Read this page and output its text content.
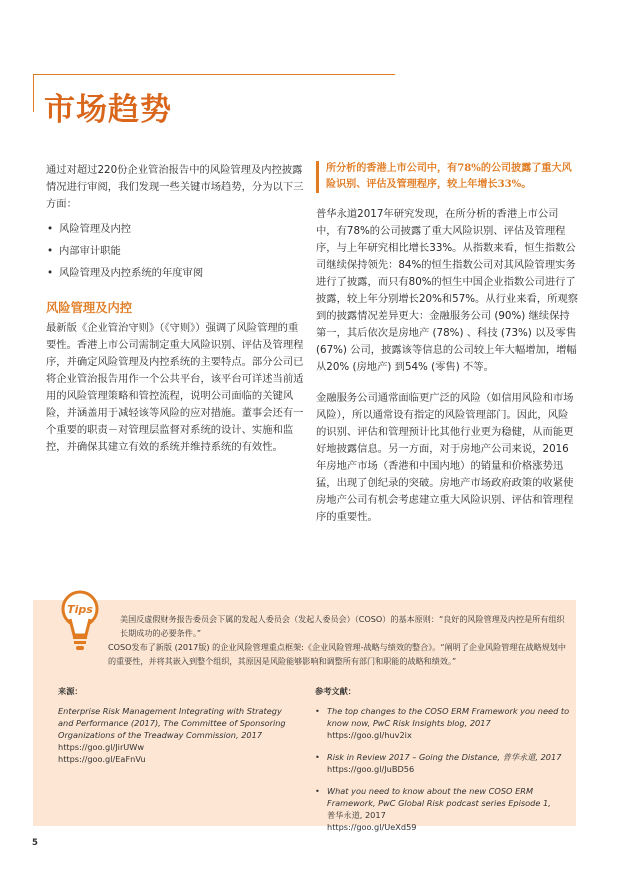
市场趋势

通过对超过220份企业管治报告中的风险管理及内控披露情况进行审阅，我们发现一些关键市场趋势，分为以下三方面：

• 风险管理及内控
• 内部审计职能
• 风险管理及内控系统的年度审阅
风险管理及内控

最新版《企业管治守则》（《守则》）强调了风险管理的重要性。香港上市公司需制定重大风险识别、评估及管理程序，并确定风险管理及内控系统的主要特点。部分公司已将企业管治报告用作一个公共平台，该平台可详述当前适用的风险管理策略和管控流程，说明公司面临的关键风险，并涵盖用于减轻该等风险的应对措施。董事会还有一个重要的职责－对管理层监督对系统的设计、实施和监控，并确保其建立有效的系统并维持系统的有效性。

所分析的香港上市公司中，有78%的公司披露了重大风险识别、评估及管理程序，较上年增长33%。

普华永道2017年研究发现，在所分析的香港上市公司中，有78%的公司披露了重大风险识别、评估及管理程序，与上年研究相比增长33%。从指数来看，恒生指数公司继续保持领先：84%的恒生指数公司对其风险管理实务进行了披露，而只有80%的恒生中国企业指数公司进行了披露，较上年分别增长20%和57%。从行业来看，所观察到的披露情况差异更大：金融服务公司 (90%) 继续保持第一，其后依次是房地产 (78%) 、科技 (73%) 以及零售 (67%) 公司，披露该等信息的公司较上年大幅增加，增幅从20% (房地产) 到54% (零售) 不等。

金融服务公司通常面临更广泛的风险（如信用风险和市场风险），所以通常设有指定的风险管理部门。因此，风险的识别、评估和管理预计比其他行业更为稳健，从而能更好地披露信息。另一方面，对于房地产公司来说，2016年房地产市场（香港和中国内地）的销量和价格涨势迅猛，出现了创纪录的突破。房地产市场政府政策的收紧使房地产公司有机会考虑建立重大风险识别、评估和管理程序的重要性。

Tips
美国反虚假财务报告委员会下属的发起人委员会（发起人委员会）（COSO）的基本原则：“良好的风险管理及内控是所有组织长期成功的必要条件。”
COSO发布了新版 (2017版) 的企业风险管理重点框架:《企业风险管理-战略与绩效的整合》。“阐明了企业风险管理在战略规划中的重要性，并将其嵌入到整个组织，其原因是风险能够影响和调整所有部门和职能的战略和绩效。”
来源：
Enterprise Risk Management Integrating with Strategy and Performance (2017), The Committee of Sponsoring Organizations of the Treadway Commission, 2017
https://goo.gl/JirUWw
https://goo.gl/EaFnVu
参考文献：
• The top changes to the COSO ERM Framework you need to know now, PwC Risk Insights blog, 2017
https://goo.gl/huv2ix
• Risk in Review 2017 – Going the Distance, 普华永道, 2017
https://goo.gl/JuBD56
• What you need to know about the new COSO ERM Framework, PwC Global Risk podcast series Episode 1,
普华永道, 2017
https://goo.gl/UeXd59
5
